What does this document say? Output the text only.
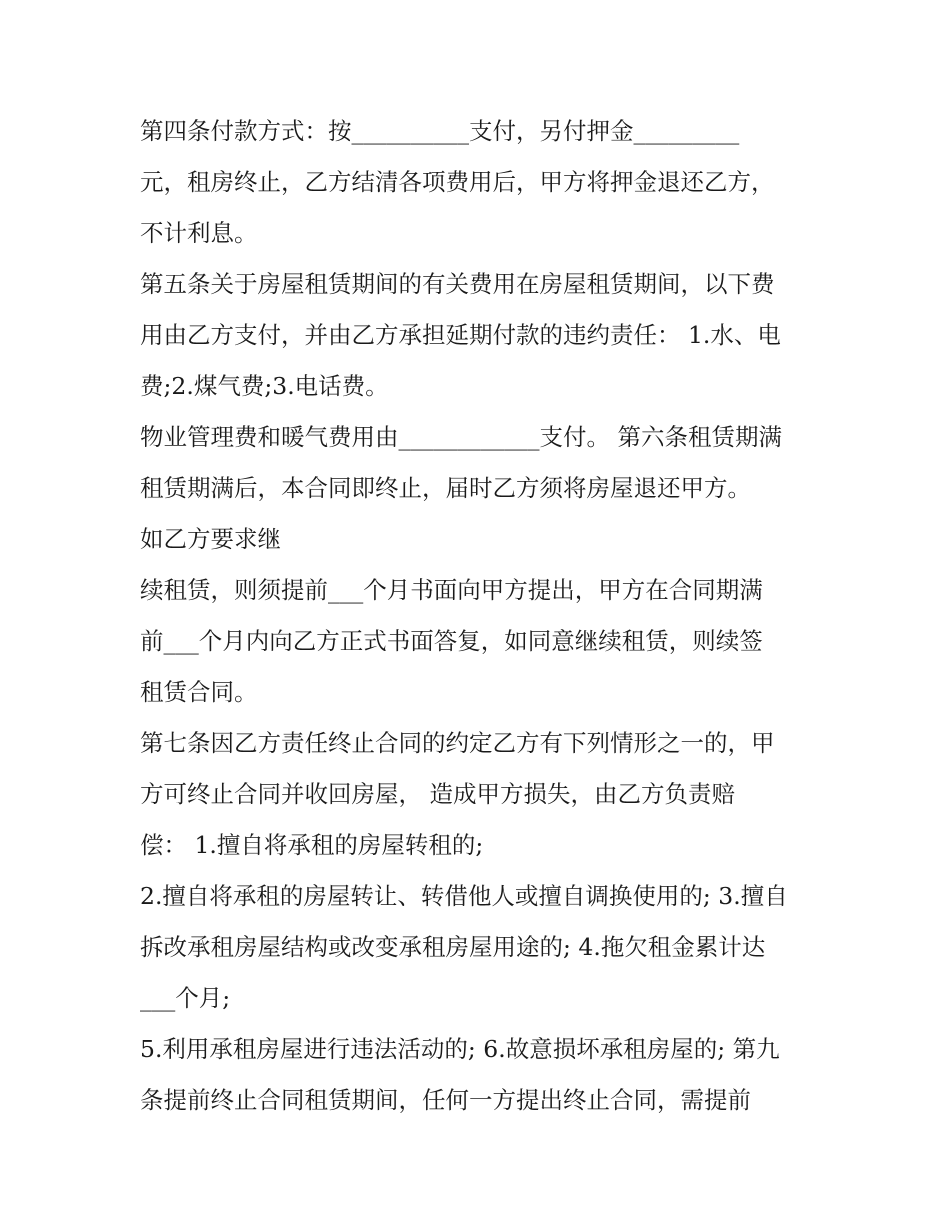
第四条付款方式：按__________支付，另付押金_________
元，租房终止，乙方结清各项费用后，甲方将押金退还乙方，
不计利息。
第五条关于房屋租赁期间的有关费用在房屋租赁期间，以下费
用由乙方支付，并由乙方承担延期付款的违约责任： 1.水、电
费;2.煤气费;3.电话费。
物业管理费和暖气费用由____________支付。 第六条租赁期满
租赁期满后，本合同即终止，届时乙方须将房屋退还甲方。
如乙方要求继
续租赁，则须提前___个月书面向甲方提出，甲方在合同期满
前___个月内向乙方正式书面答复，如同意继续租赁，则续签
租赁合同。
第七条因乙方责任终止合同的约定乙方有下列情形之一的，甲
方可终止合同并收回房屋， 造成甲方损失，由乙方负责赔
偿： 1.擅自将承租的房屋转租的;
2.擅自将承租的房屋转让、转借他人或擅自调换使用的; 3.擅自
拆改承租房屋结构或改变承租房屋用途的; 4.拖欠租金累计达
___个月;
5.利用承租房屋进行违法活动的; 6.故意损坏承租房屋的; 第九
条提前终止合同租赁期间，任何一方提出终止合同，需提前
